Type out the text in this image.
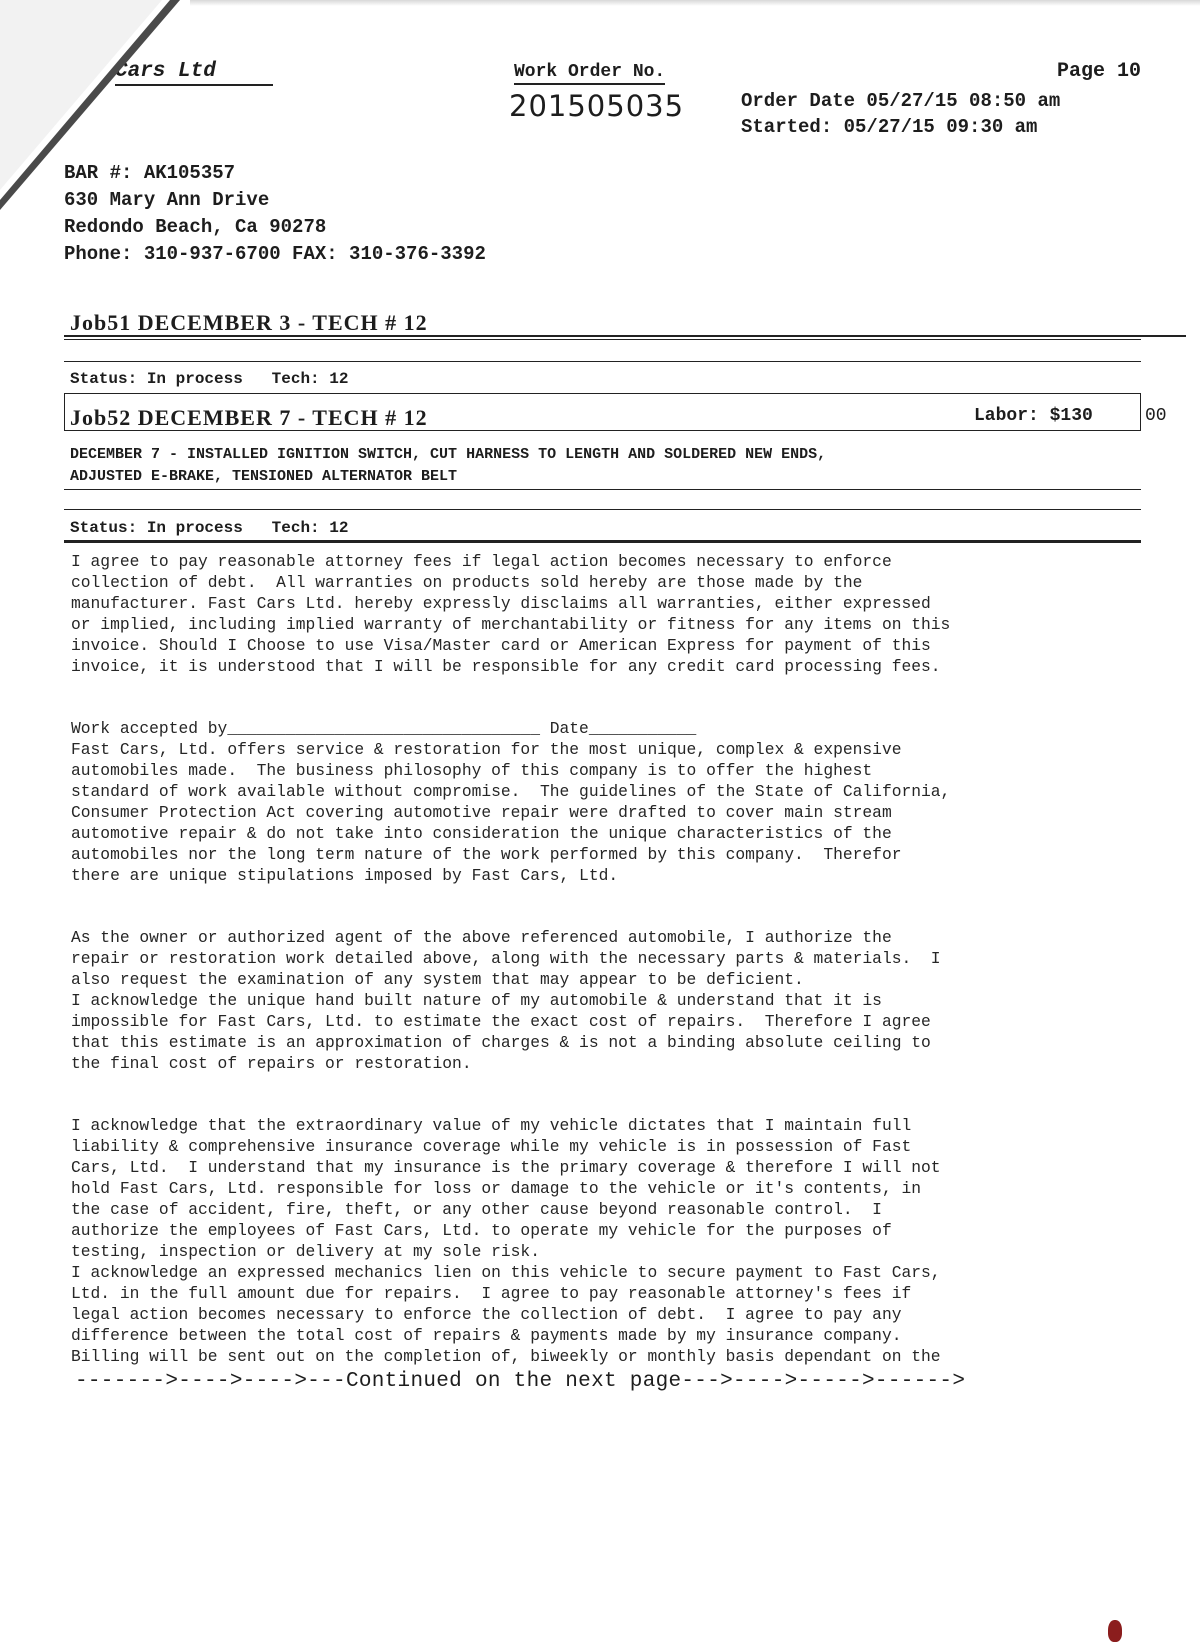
Cars Ltd	Work Order No.
201505035
Page 10
Order Date 05/27/15 08:50 am
Started: 05/27/15 09:30 am
BAR #: AK105357
630 Mary Ann Drive
Redondo Beach, Ca 90278
Phone: 310-937-6700 FAX: 310-376-3392
Job51 DECEMBER 3 - TECH # 12
Status: In process   Tech: 12
Job52 DECEMBER 7 - TECH # 12	Labor: $130	00
DECEMBER 7 - INSTALLED IGNITION SWITCH, CUT HARNESS TO LENGTH AND SOLDERED NEW ENDS,
ADJUSTED E-BRAKE, TENSIONED ALTERNATOR BELT
Status: In process   Tech: 12
I agree to pay reasonable attorney fees if legal action becomes necessary to enforce
collection of debt.  All warranties on products sold hereby are those made by the
manufacturer. Fast Cars Ltd. hereby expressly disclaims all warranties, either expressed
or implied, including implied warranty of merchantability or fitness for any items on this
invoice. Should I Choose to use Visa/Master card or American Express for payment of this
invoice, it is understood that I will be responsible for any credit card processing fees.
Work accepted by________________________________ Date___________
Fast Cars, Ltd. offers service & restoration for the most unique, complex & expensive
automobiles made.  The business philosophy of this company is to offer the highest
standard of work available without compromise.  The guidelines of the State of California,
Consumer Protection Act covering automotive repair were drafted to cover main stream
automotive repair & do not take into consideration the unique characteristics of the
automobiles nor the long term nature of the work performed by this company.  Therefor
there are unique stipulations imposed by Fast Cars, Ltd.
As the owner or authorized agent of the above referenced automobile, I authorize the
repair or restoration work detailed above, along with the necessary parts & materials.  I
also request the examination of any system that may appear to be deficient.
I acknowledge the unique hand built nature of my automobile & understand that it is
impossible for Fast Cars, Ltd. to estimate the exact cost of repairs.  Therefore I agree
that this estimate is an approximation of charges & is not a binding absolute ceiling to
the final cost of repairs or restoration.
I acknowledge that the extraordinary value of my vehicle dictates that I maintain full
liability & comprehensive insurance coverage while my vehicle is in possession of Fast
Cars, Ltd.  I understand that my insurance is the primary coverage & therefore I will not
hold Fast Cars, Ltd. responsible for loss or damage to the vehicle or it's contents, in
the case of accident, fire, theft, or any other cause beyond reasonable control.  I
authorize the employees of Fast Cars, Ltd. to operate my vehicle for the purposes of
testing, inspection or delivery at my sole risk.
I acknowledge an expressed mechanics lien on this vehicle to secure payment to Fast Cars,
Ltd. in the full amount due for repairs.  I agree to pay reasonable attorney's fees if
legal action becomes necessary to enforce the collection of debt.  I agree to pay any
difference between the total cost of repairs & payments made by my insurance company.
Billing will be sent out on the completion of, biweekly or monthly basis dependant on the
------->---->---->---Continued on the next page--->---->----->------>
